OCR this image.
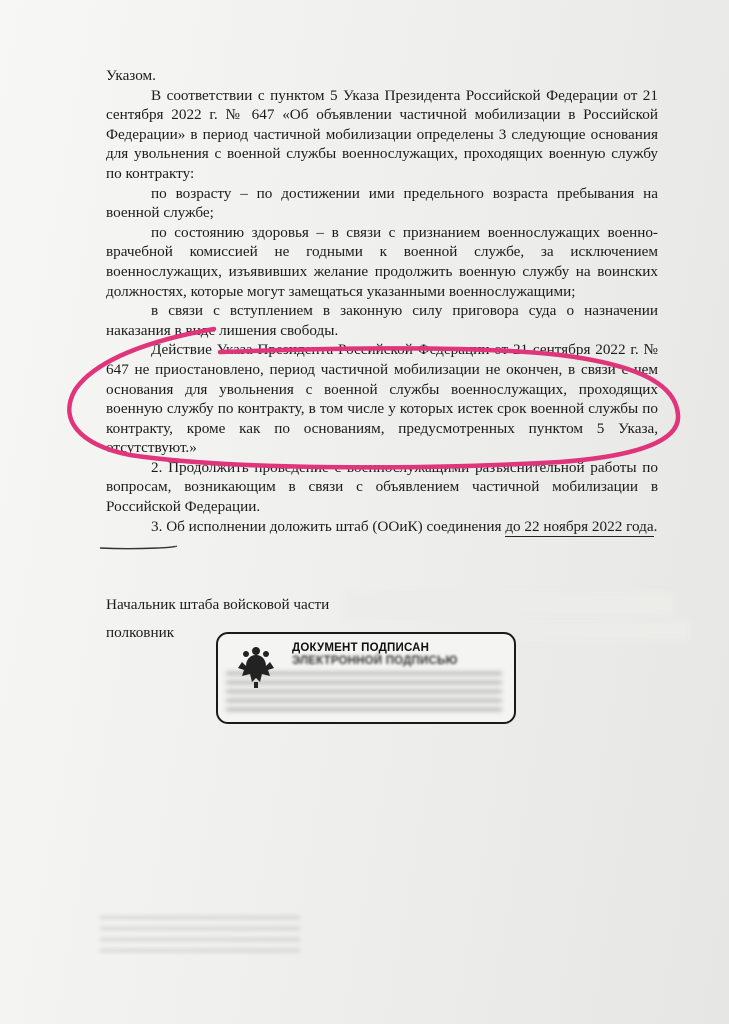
Указом.

В соответствии с пунктом 5 Указа Президента Российской Федерации от 21 сентября 2022 г. № 647 «Об объявлении частичной мобилизации в Российской Федерации» в период частичной мобилизации определены 3 следующие основания для увольнения с военной службы военнослужащих, проходящих военную службу по контракту:

по возрасту – по достижении ими предельного возраста пребывания на военной службе;

по состоянию здоровья – в связи с признанием военнослужащих военно-врачебной комиссией не годными к военной службе, за исключением военнослужащих, изъявивших желание продолжить военную службу на воинских должностях, которые могут замещаться указанными военнослужащими;

в связи с вступлением в законную силу приговора суда о назначении наказания в виде лишения свободы.

Действие Указа Президента Российской Федерации от 21 сентября 2022 г. № 647 не приостановлено, период частичной мобилизации не окончен, в связи с чем основания для увольнения с военной службы военнослужащих, проходящих военную службу по контракту, в том числе у которых истек срок военной службы по контракту, кроме как по основаниям, предусмотренных пунктом 5 Указа, отсутствуют.»

2. Продолжить проведение с военнослужащими разъяснительной работы по вопросам, возникающим в связи с объявлением частичной мобилизации в Российской Федерации.

3. Об исполнении доложить штаб (ООиК) соединения до 22 ноября 2022 года.

Начальник штаба войсковой части
полковник
ДОКУМЕНТ ПОДПИСАН
ЭЛЕКТРОННОЙ ПОДПИСЬЮ
